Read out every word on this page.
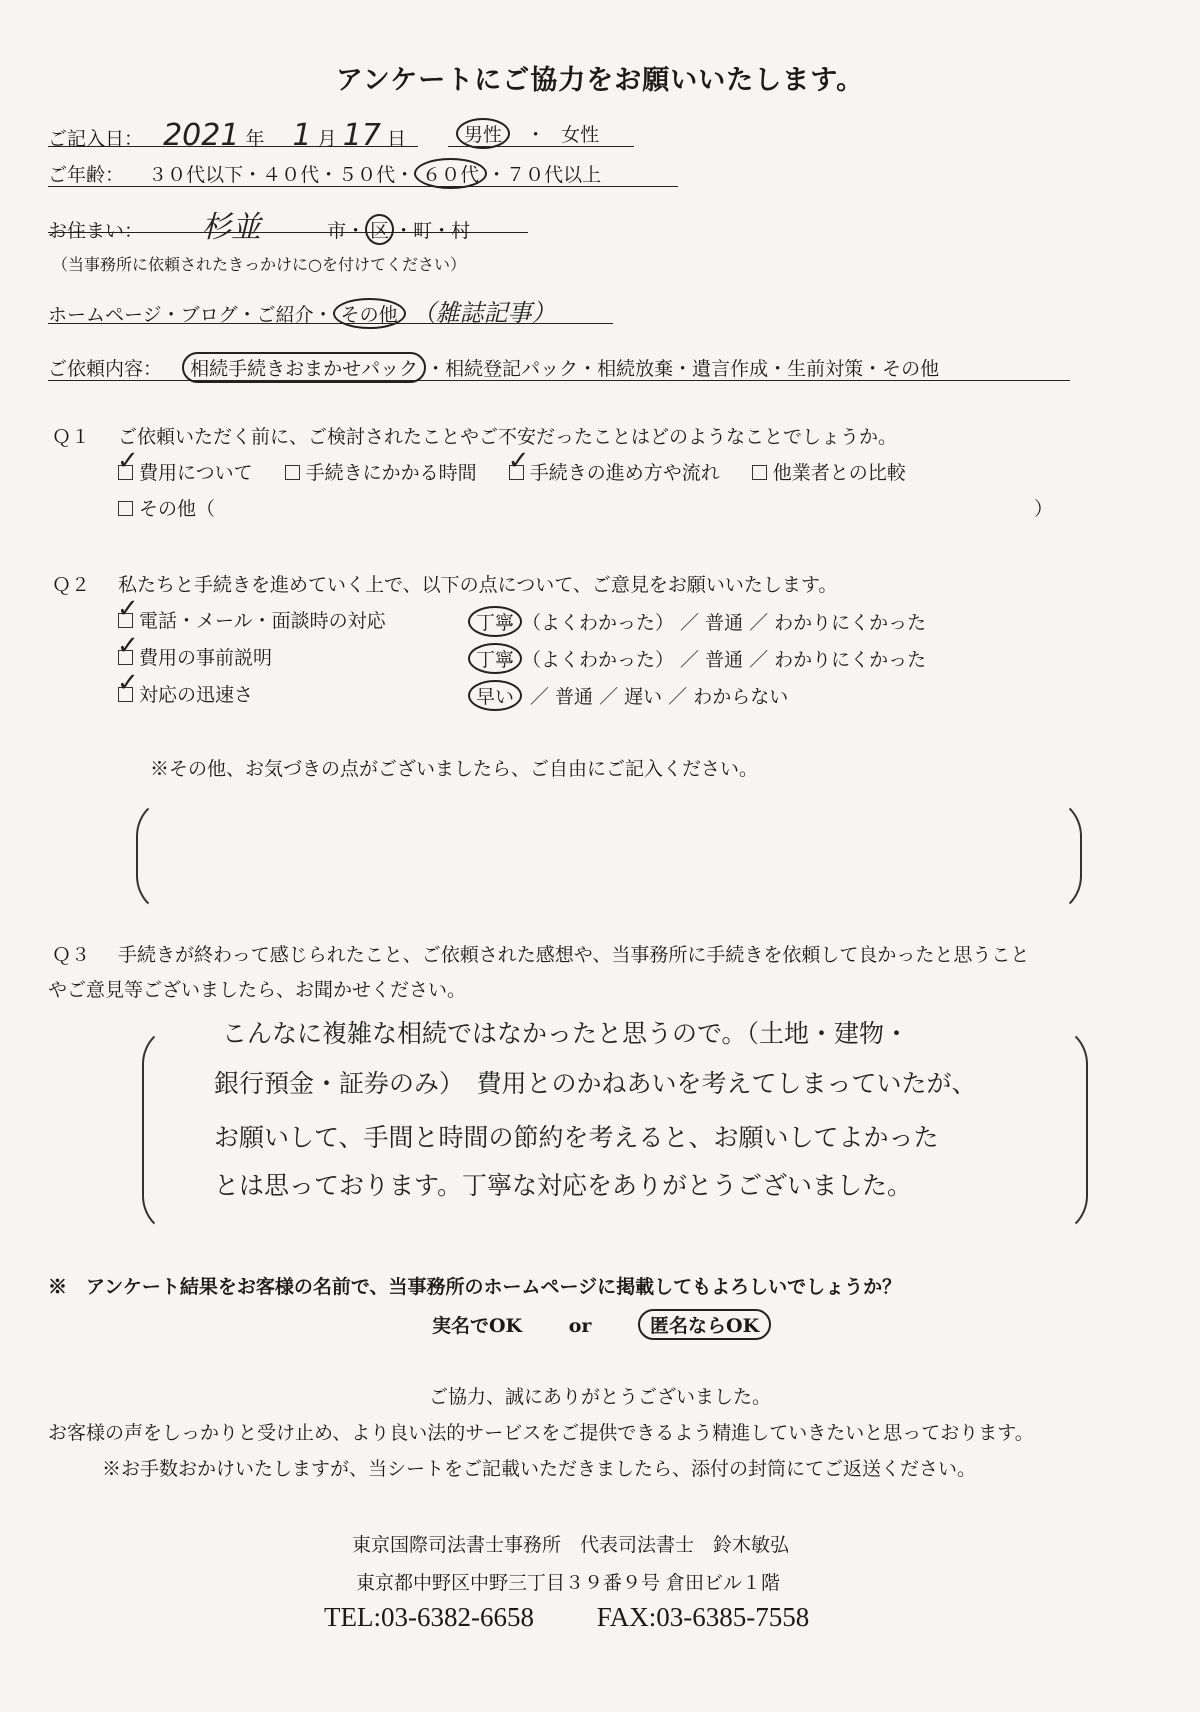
アンケートにご協力をお願いいたします。
ご記入日： 2021 年 1 月 17 日	男性 ・ 女性
ご年齢： ３０代以下・４０代・５０代・ ６０代 ・７０代以上
お住まい： 杉並	市・ 区 ・町・村
（当事務所に依頼されたきっかけに○を付けてください）
ホームページ・ブログ・ご紹介・ その他 （雑誌記事）
ご依頼内容： 相続手続きおまかせパック ・相続登記パック・相続放棄・遺言作成・生前対策・その他
Ｑ１ ご依頼いただく前に、ご検討されたことやご不安だったことはどのようなことでしょうか。
✓費用について	手続きにかかる時間 ✓	手続きの進め方や流れ	他業者との比較
その他（	）
Ｑ２ 私たちと手続きを進めていく上で、以下の点について、ご意見をお願いいたします。
✓電話・メール・面談時の対応	丁寧 （よくわかった） ／ 普通 ／ わかりにくかった
✓費用の事前説明	丁寧 （よくわかった） ／ 普通 ／ わかりにくかった
✓対応の迅速さ	早い ／ 普通 ／ 遅い ／ わからない
※その他、お気づきの点がございましたら、ご自由にご記入ください。
Ｑ３ 手続きが終わって感じられたこと、ご依頼された感想や、当事務所に手続きを依頼して良かったと思うこと
やご意見等ございましたら、お聞かせください。
こんなに複雑な相続ではなかったと思うので。（土地・建物・
銀行預金・証券のみ）　費用とのかねあいを考えてしまっていたが、
お願いして、手間と時間の節約を考えると、お願いしてよかった
とは思っております。丁寧な対応をありがとうございました。
※　アンケート結果をお客様の名前で、当事務所のホームページに掲載してもよろしいでしょうか？
実名でOK or	匿名ならOK
ご協力、誠にありがとうございました。
お客様の声をしっかりと受け止め、より良い法的サービスをご提供できるよう精進していきたいと思っております。
※お手数おかけいたしますが、当シートをご記載いただきましたら、添付の封筒にてご返送ください。
東京国際司法書士事務所　代表司法書士　鈴木敏弘
東京都中野区中野三丁目３９番９号 倉田ビル１階
TEL:03-6382-6658 FAX:03-6385-7558
